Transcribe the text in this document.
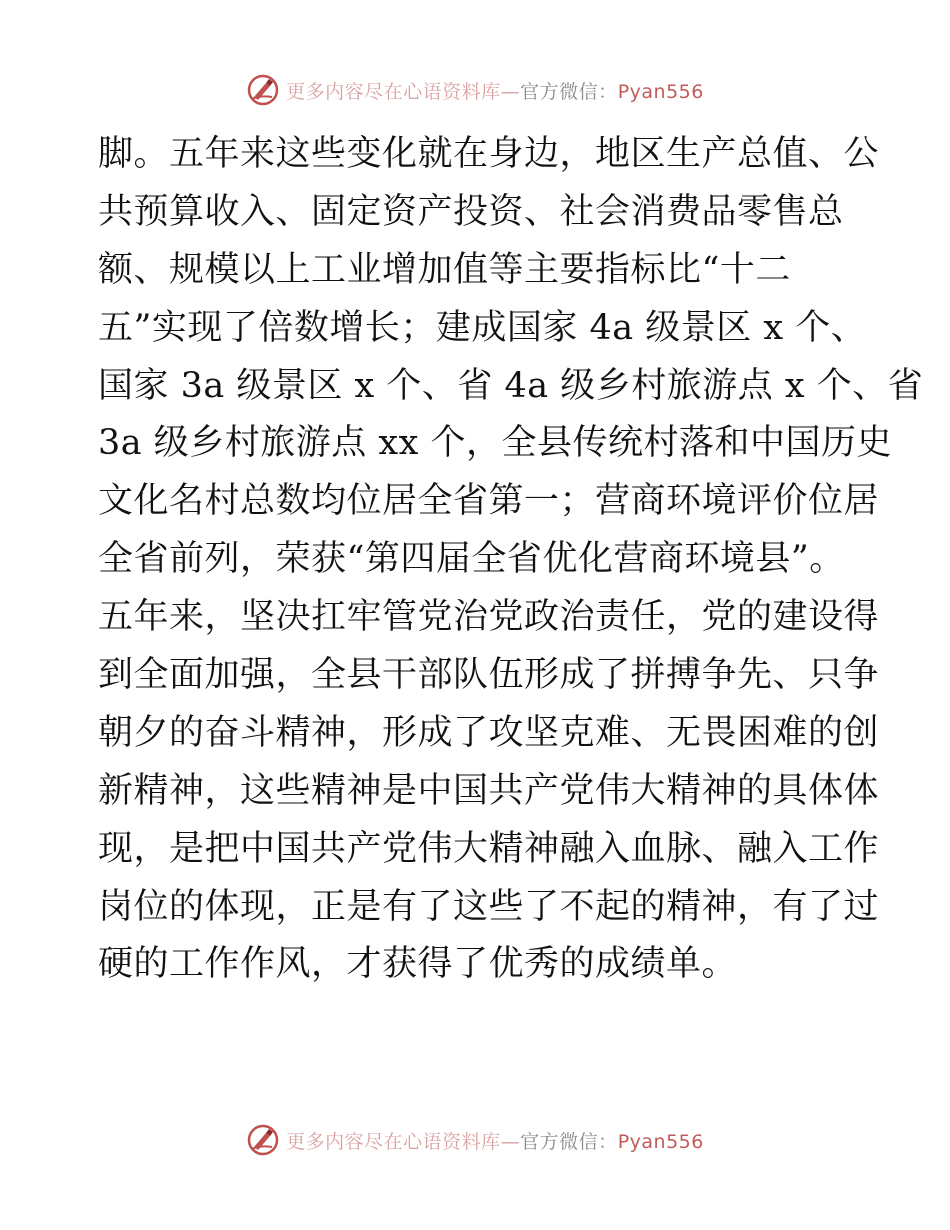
更多内容尽在心语资料库—官方微信：Pyan556
脚。五年来这些变化就在身边，地区生产总值、公
共预算收入、固定资产投资、社会消费品零售总
额、规模以上工业增加值等主要指标比“十二
五”实现了倍数增长；建成国家 4a 级景区 x 个、
国家 3a 级景区 x 个、省 4a 级乡村旅游点 x 个、省
3a 级乡村旅游点 xx 个，全县传统村落和中国历史
文化名村总数均位居全省第一；营商环境评价位居
全省前列，荣获“第四届全省优化营商环境县”。
五年来，坚决扛牢管党治党政治责任，党的建设得
到全面加强，全县干部队伍形成了拼搏争先、只争
朝夕的奋斗精神，形成了攻坚克难、无畏困难的创
新精神，这些精神是中国共产党伟大精神的具体体
现，是把中国共产党伟大精神融入血脉、融入工作
岗位的体现，正是有了这些了不起的精神，有了过
硬的工作作风，才获得了优秀的成绩单。
更多内容尽在心语资料库—官方微信：Pyan556
